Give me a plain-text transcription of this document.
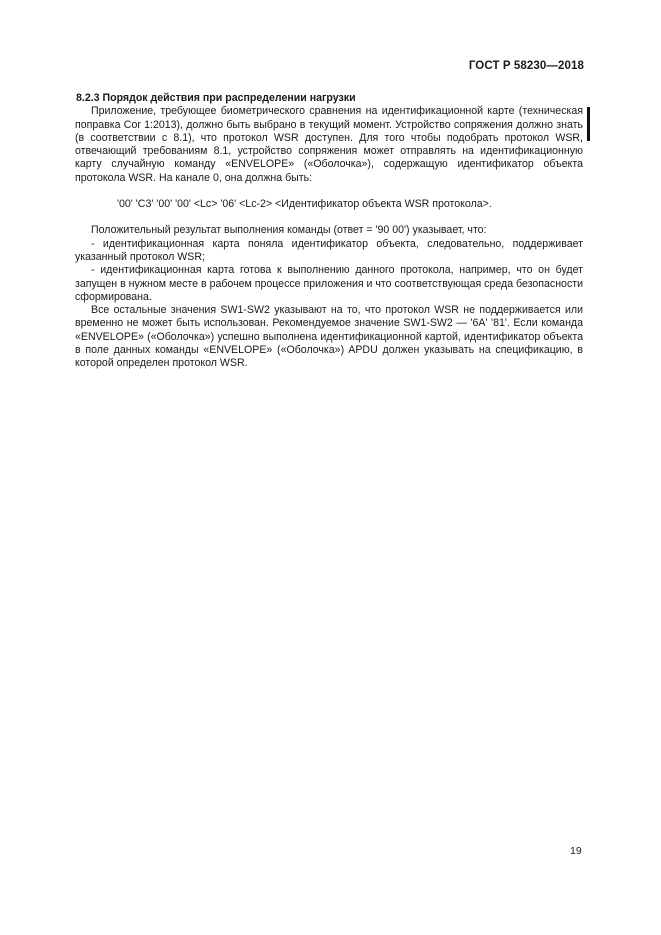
ГОСТ Р 58230—2018

8.2.3 Порядок действия при распределении нагрузки

Приложение, требующее биометрического сравнения на идентификационной карте (техническая поправка Cor 1:2013), должно быть выбрано в текущий момент. Устройство сопряжения должно знать (в соответствии с 8.1), что протокол WSR доступен. Для того чтобы подобрать протокол WSR, отвечающий требованиям 8.1, устройство сопряжения может отправлять на идентификационную карту случайную команду «ENVELOPE» («Оболочка»), содержащую идентификатор объекта протокола WSR. На канале 0, она должна быть:

'00' 'C3' '00' '00' <Lc> '06' <Lc-2> <Идентификатор объекта WSR протокола>.

Положительный результат выполнения команды (ответ = '90 00') указывает, что:

- идентификационная карта поняла идентификатор объекта, следовательно, поддерживает указанный протокол WSR;

- идентификационная карта готова к выполнению данного протокола, например, что он будет запущен в нужном месте в рабочем процессе приложения и что соответствующая среда безопасности сформирована.

Все остальные значения SW1-SW2 указывают на то, что протокол WSR не поддерживается или временно не может быть использован. Рекомендуемое значение SW1-SW2 — '6A' '81'. Если команда «ENVELOPE» («Оболочка») успешно выполнена идентификационной картой, идентификатор объекта в поле данных команды «ENVELOPE» («Оболочка») APDU должен указывать на спецификацию, в которой определен протокол WSR.

19
